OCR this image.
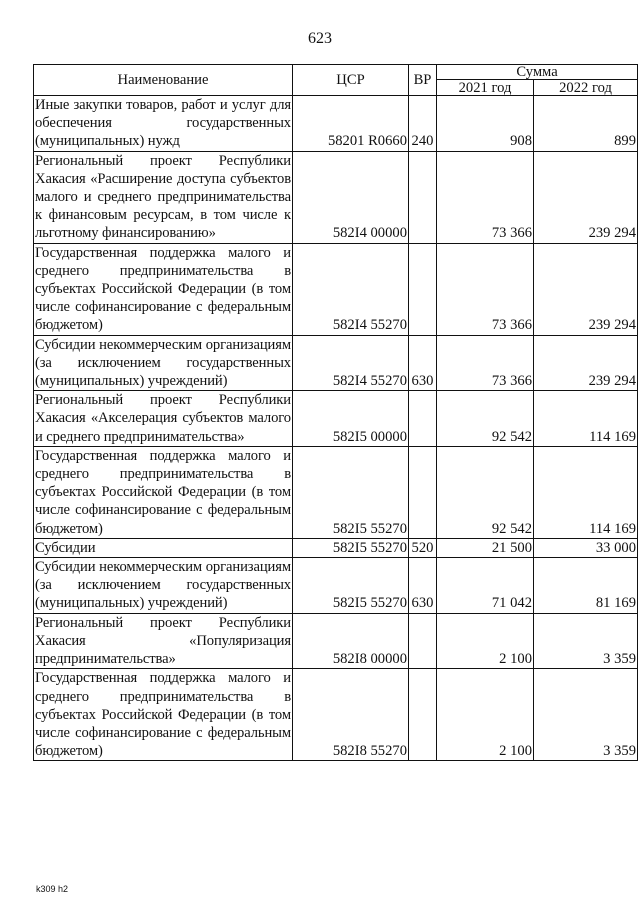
623
Наименование	ЦСР	ВР	Сумма	
			2021 год	2022 год
Иные закупки товаров, работ и услуг для обеспечения государственных (муниципальных) нужд	58201 R0660	240	908	899
Региональный проект Республики Хакасия «Расширение доступа субъектов малого и среднего предпринимательства к финансовым ресурсам, в том числе к льготному финансированию»	582I4 00000		73 366	239 294
Государственная поддержка малого и среднего предпринимательства в субъектах Российской Федерации (в том числе софинансирование с федеральным бюджетом)	582I4 55270		73 366	239 294
Субсидии некоммерческим организациям (за исключением государственных (муниципальных) учреждений)	582I4 55270	630	73 366	239 294
Региональный проект Республики Хакасия «Акселерация субъектов малого и среднего предпринимательства»	582I5 00000		92 542	114 169
Государственная поддержка малого и среднего предпринимательства в субъектах Российской Федерации (в том числе софинансирование с федеральным бюджетом)	582I5 55270		92 542	114 169
Субсидии	582I5 55270	520	21 500	33 000
Субсидии некоммерческим организациям (за исключением государственных (муниципальных) учреждений)	582I5 55270	630	71 042	81 169
Региональный проект Республики Хакасия «Популяризация предпринимательства»	582I8 00000		2 100	3 359
Государственная поддержка малого и среднего предпринимательства в субъектах Российской Федерации (в том числе софинансирование с федеральным бюджетом)	582I8 55270		2 100	3 359
k309 h2
